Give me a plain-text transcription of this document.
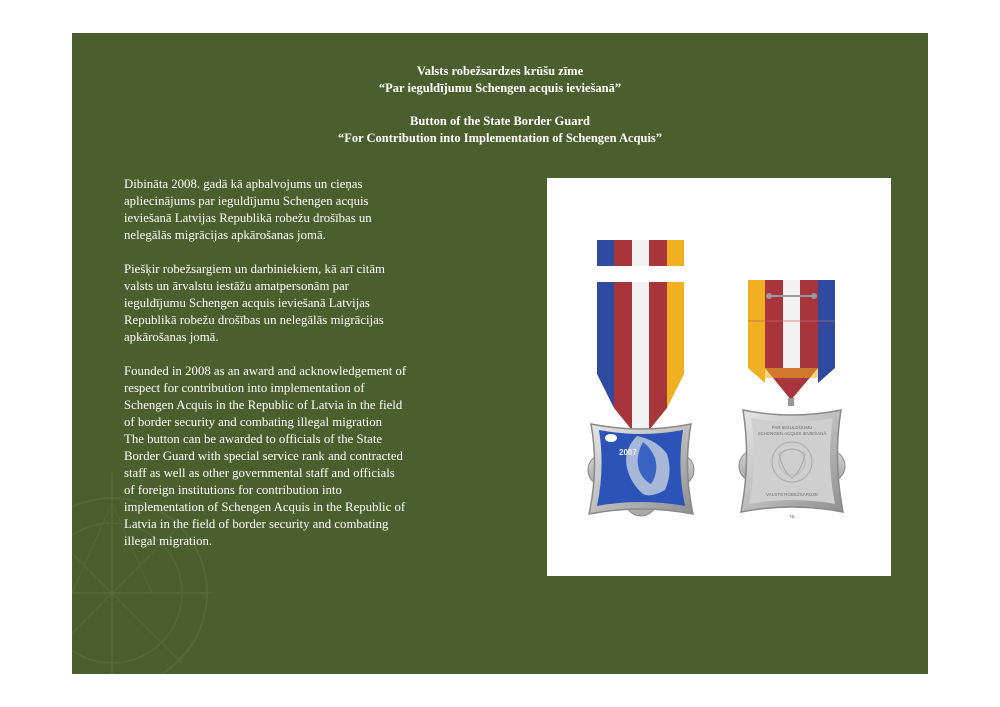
Valsts robežsardzes krūšu zīme
“Par ieguldījumu Schengen acquis ieviešanā”
Button of the State Border Guard
“For Contribution into Implementation of Schengen Acquis”

Dibināta 2008. gadā kā apbalvojums un cieņas
apliecinājums par ieguldījumu Schengen acquis
ieviešanā Latvijas Republikā robežu drošības un
nelegālās migrācijas apkārošanas jomā.

Piešķir robežsargiem un darbiniekiem, kā arī citām
valsts un ārvalstu iestāžu amatpersonām par
ieguldījumu Schengen acquis ieviešanā Latvijas
Republikā robežu drošības un nelegālās migrācijas
apkārošanas jomā.

Founded in 2008 as an award and acknowledgement of
respect for contribution into implementation of
Schengen Acquis in the Republic of Latvia in the field
of border security and combating illegal migration
The button can be awarded to officials of the State
Border Guard with special service rank and contracted
staff as well as other governmental staff and officials
of foreign institutions for contribution into
implementation of Schengen Acquis in the Republic of
Latvia in the field of border security and combating
illegal migration.

2007
PAR IEGULDĪJUMU
SCHENGEN ACQUIS IEVIEŠANĀ
VALSTS ROBEŽSARDZE
№
